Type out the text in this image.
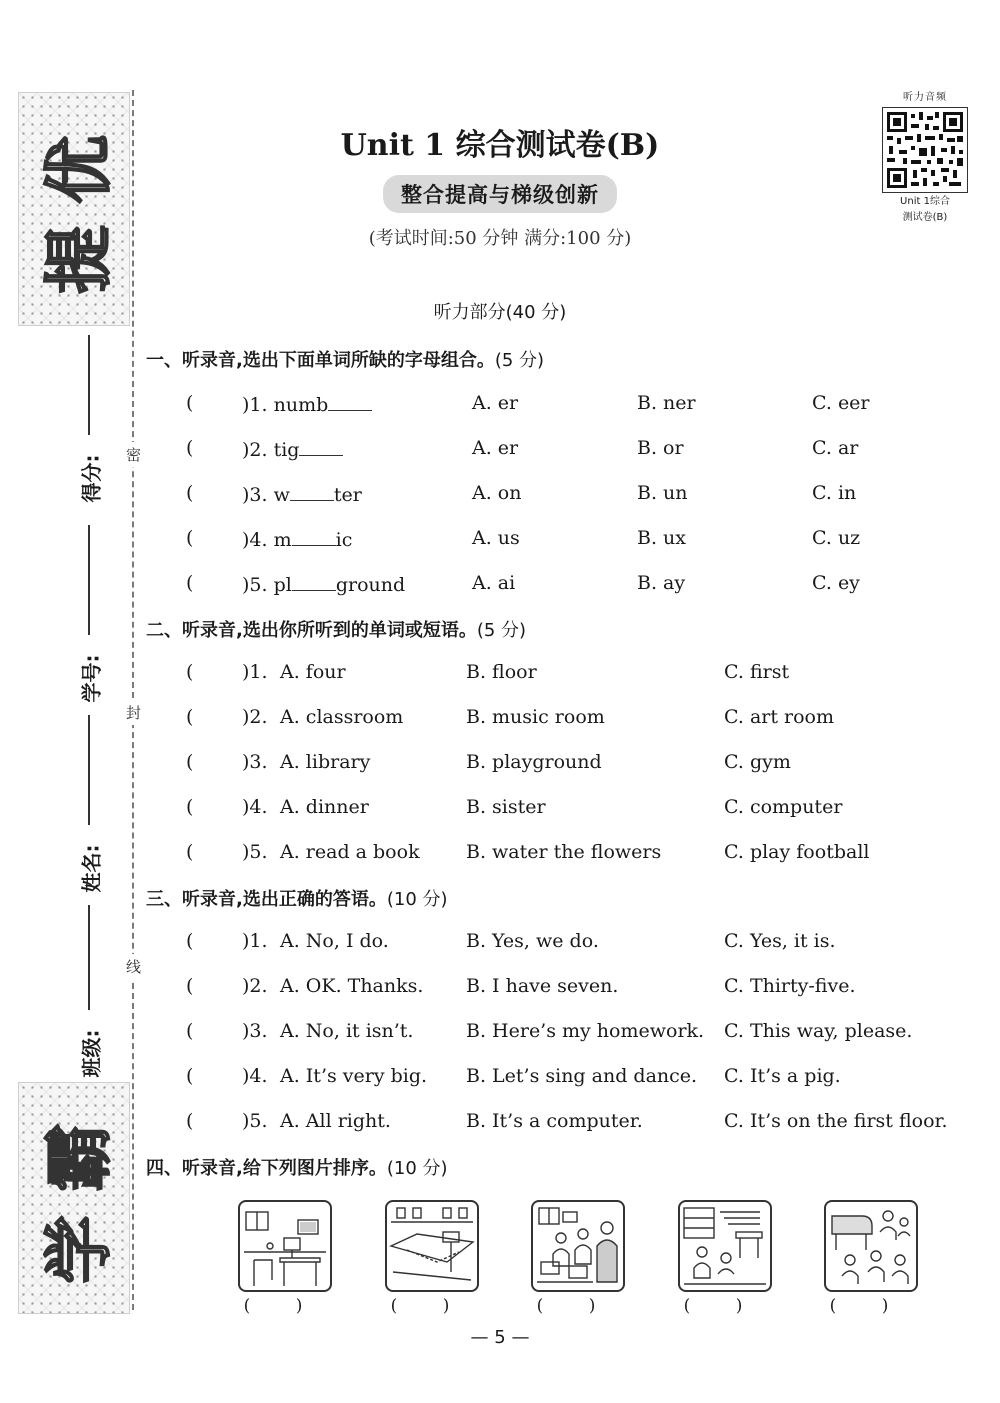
优
提
霸
学
密
封
线
得分:
学号:
姓名:
班级:
Unit 1 综合测试卷(B)
整合提高与梯级创新
(考试时间:50 分钟 满分:100 分)
听力音频
Unit 1综合
测试卷(B)
听力部分(40 分)
一、听录音,选出下面单词所缺的字母组合。(5 分)
(	)1. numb	A. er	B. ner	C. eer
(	)2. tig	A. er	B. or	C. ar
(	)3. w ter	A. on	B. un	C. in
(	)4. m ic	A. us	B. ux	C. uz
(	)5. pl ground	A. ai	B. ay	C. ey
二、听录音,选出你所听到的单词或短语。(5 分)
(	)1. A. four	B. floor	C. first
(	)2. A. classroom	B. music room	C. art room
(	)3. A. library	B. playground	C. gym
(	)4. A. dinner	B. sister	C. computer
(	)5. A. read a book B. water the flowers	C. play football
三、听录音,选出正确的答语。(10 分)
(	)1. A. No, I do.	B. Yes, we do.	C. Yes, it is.
(	)2. A. OK. Thanks. B. I have seven.	C. Thirty-five.
(	)3. A. No, it isn’t.	B. Here’s my homework. C. This way, please.
(	)4. A. It’s very big. B. Let’s sing and dance. C. It’s a pig.
(	)5. A. All right.	B. It’s a computer.	C. It’s on the first floor.
四、听录音,给下列图片排序。(10 分)
( )	( )	( )	( )	( )
— 5 —
